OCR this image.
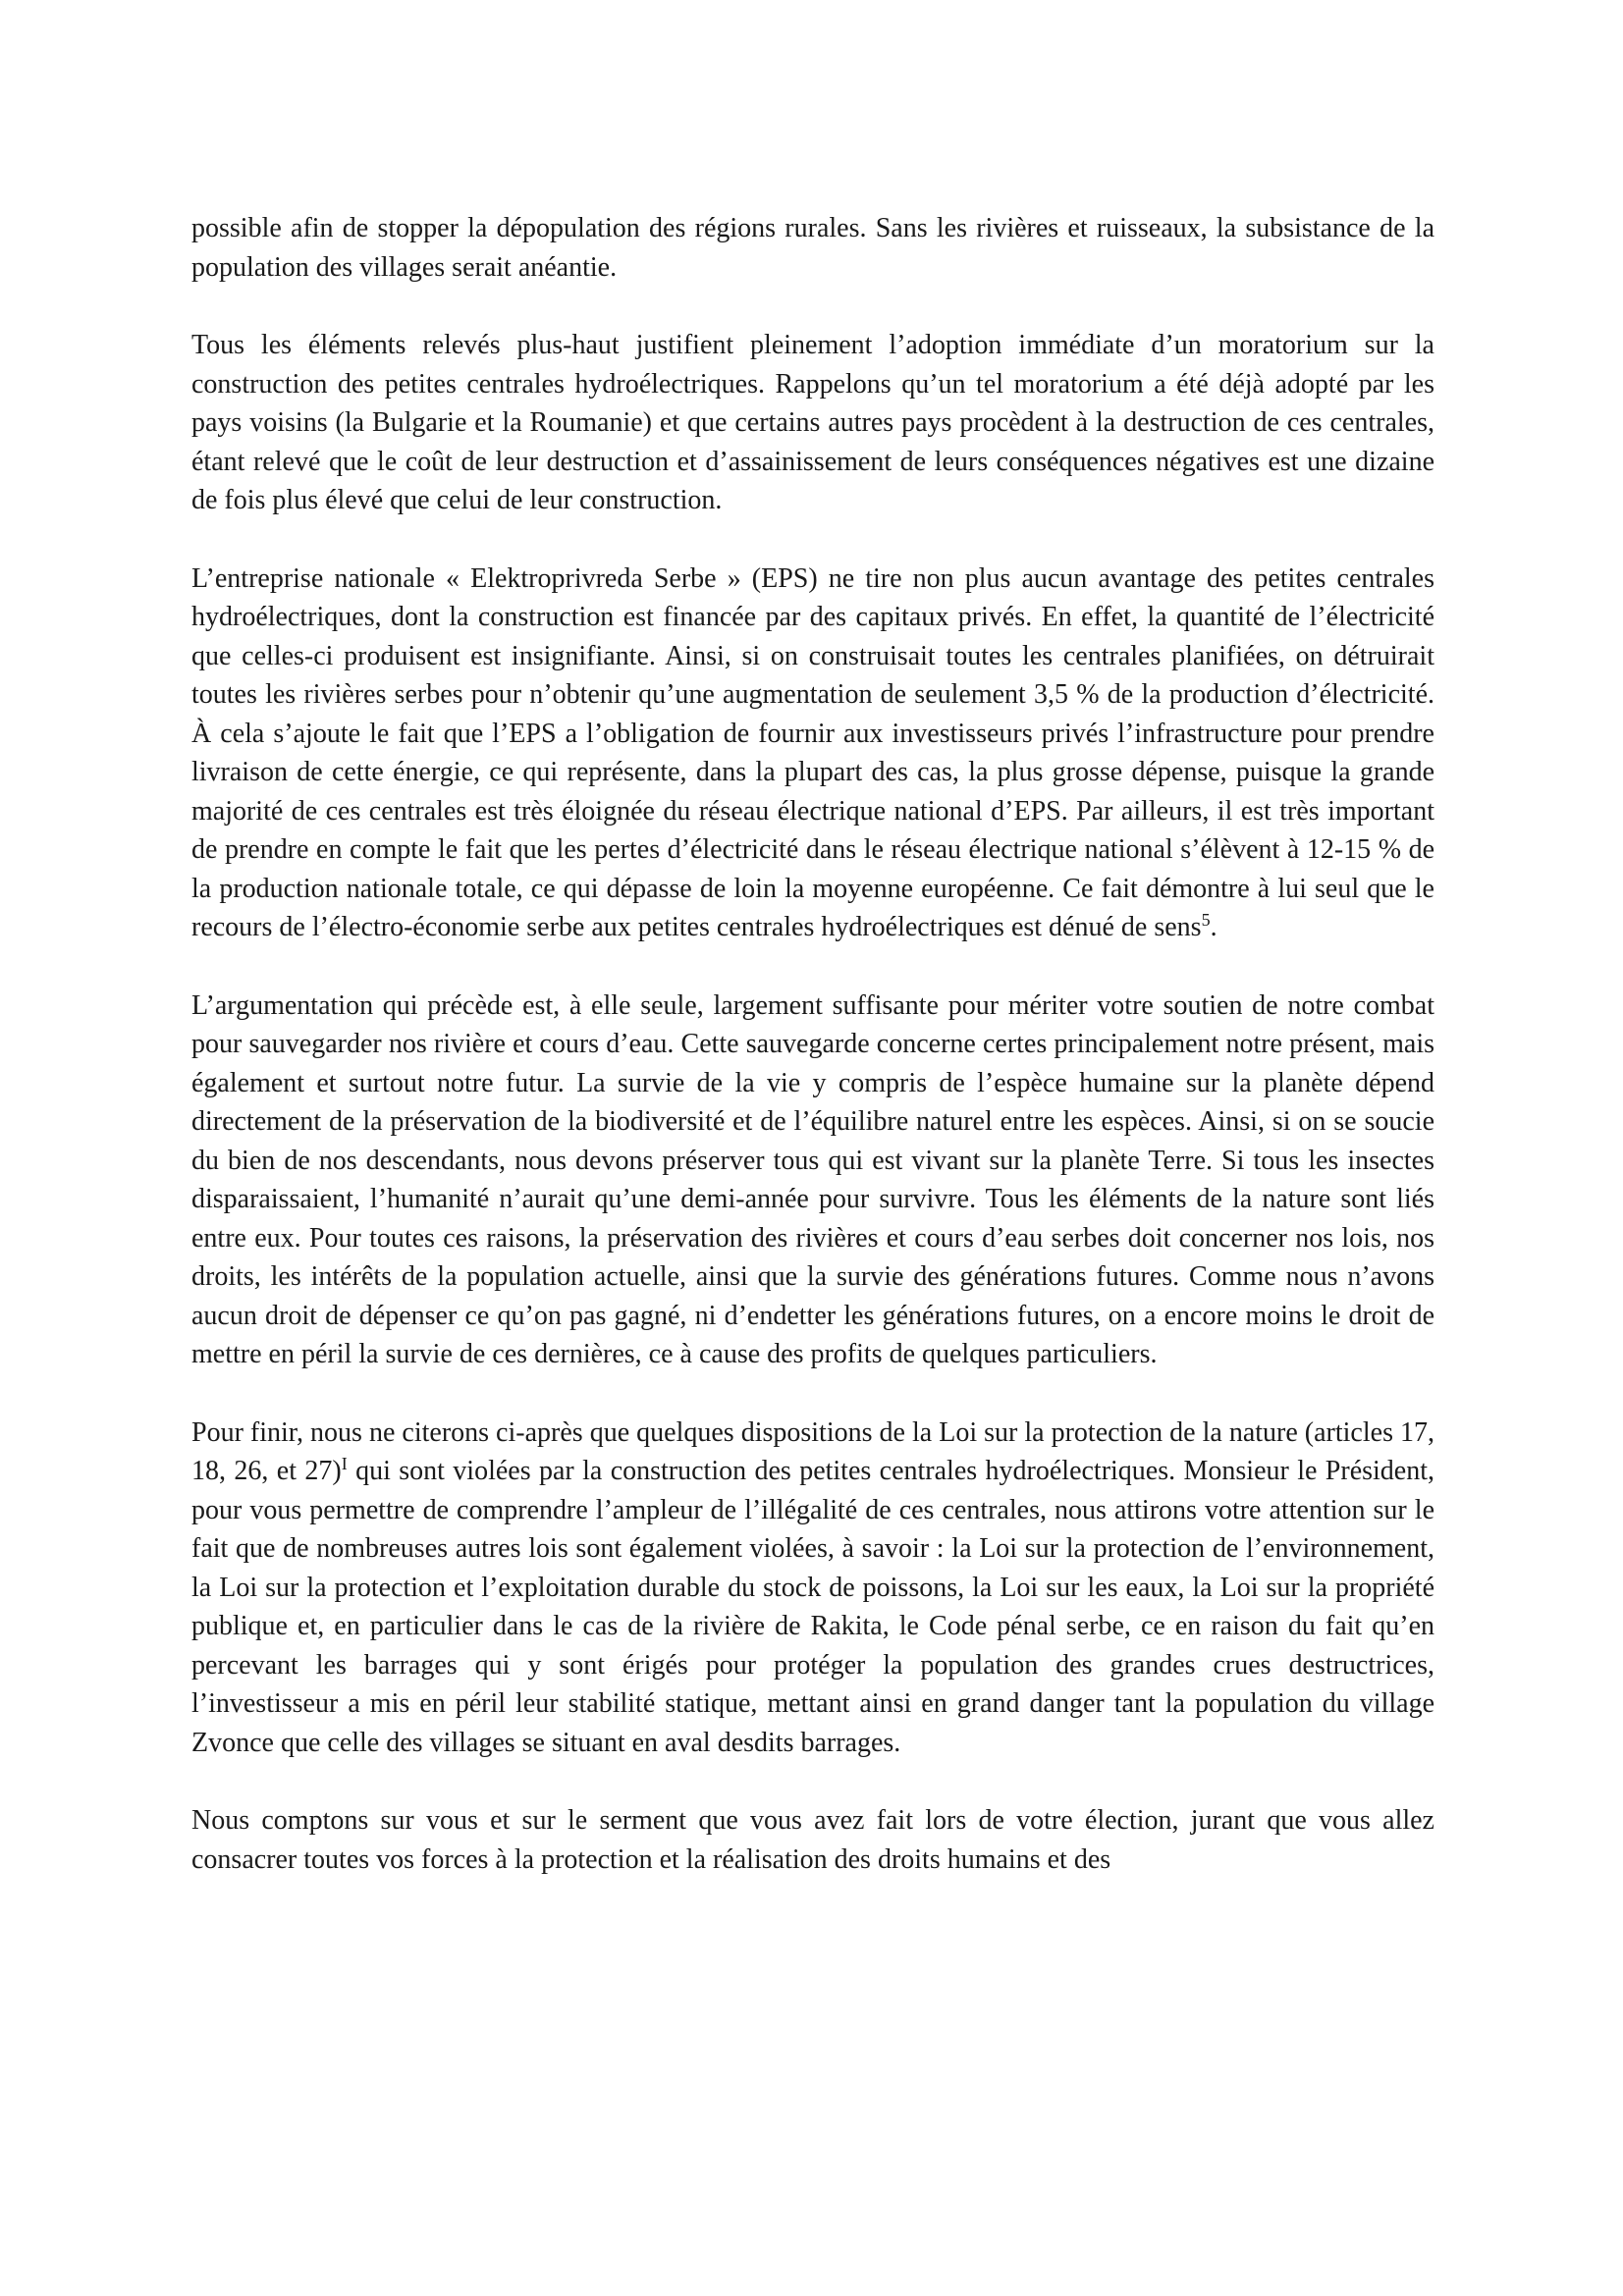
possible afin de stopper la dépopulation des régions rurales. Sans les rivières et ruisseaux, la subsistance de la population des villages serait anéantie.

Tous les éléments relevés plus-haut justifient pleinement l’adoption immédiate d’un moratorium sur la construction des petites centrales hydroélectriques. Rappelons qu’un tel moratorium a été déjà adopté par les pays voisins (la Bulgarie et la Roumanie) et que certains autres pays procèdent à la destruction de ces centrales, étant relevé que le coût de leur destruction et d’assainissement de leurs conséquences négatives est une dizaine de fois plus élevé que celui de leur construction.

L’entreprise nationale « Elektroprivreda Serbe » (EPS) ne tire non plus aucun avantage des petites centrales hydroélectriques, dont la construction est financée par des capitaux privés. En effet, la quantité de l’électricité que celles-ci produisent est insignifiante. Ainsi, si on construisait toutes les centrales planifiées, on détruirait toutes les rivières serbes pour n’obtenir qu’une augmentation de seulement 3,5 % de la production d’électricité. À cela s’ajoute le fait que l’EPS a l’obligation de fournir aux investisseurs privés l’infrastructure pour prendre livraison de cette énergie, ce qui représente, dans la plupart des cas, la plus grosse dépense, puisque la grande majorité de ces centrales est très éloignée du réseau électrique national d’EPS. Par ailleurs, il est très important de prendre en compte le fait que les pertes d’électricité dans le réseau électrique national s’élèvent à 12-15 % de la production nationale totale, ce qui dépasse de loin la moyenne européenne. Ce fait démontre à lui seul que le recours de l’électro-économie serbe aux petites centrales hydroélectriques est dénué de sens$^5$.

L’argumentation qui précède est, à elle seule, largement suffisante pour mériter votre soutien de notre combat pour sauvegarder nos rivière et cours d’eau. Cette sauvegarde concerne certes principalement notre présent, mais également et surtout notre futur. La survie de la vie y compris de l’espèce humaine sur la planète dépend directement de la préservation de la biodiversité et de l’équilibre naturel entre les espèces. Ainsi, si on se soucie du bien de nos descendants, nous devons préserver tous qui est vivant sur la planète Terre. Si tous les insectes disparaissaient, l’humanité n’aurait qu’une demi-année pour survivre. Tous les éléments de la nature sont liés entre eux. Pour toutes ces raisons, la préservation des rivières et cours d’eau serbes doit concerner nos lois, nos droits, les intérêts de la population actuelle, ainsi que la survie des générations futures. Comme nous n’avons aucun droit de dépenser ce qu’on pas gagné, ni d’endetter les générations futures, on a encore moins le droit de mettre en péril la survie de ces dernières, ce à cause des profits de quelques particuliers.

Pour finir, nous ne citerons ci-après que quelques dispositions de la Loi sur la protection de la nature (articles 17, 18, 26, et 27)$^I$ qui sont violées par la construction des petites centrales hydroélectriques. Monsieur le Président, pour vous permettre de comprendre l’ampleur de l’illégalité de ces centrales, nous attirons votre attention sur le fait que de nombreuses autres lois sont également violées, à savoir : la Loi sur la protection de l’environnement, la Loi sur la protection et l’exploitation durable du stock de poissons, la Loi sur les eaux, la Loi sur la propriété publique et, en particulier dans le cas de la rivière de Rakita, le Code pénal serbe, ce en raison du fait qu’en percevant les barrages qui y sont érigés pour protéger la population des grandes crues destructrices, l’investisseur a mis en péril leur stabilité statique, mettant ainsi en grand danger tant la population du village Zvonce que celle des villages se situant en aval desdits barrages.

Nous comptons sur vous et sur le serment que vous avez fait lors de votre élection, jurant que vous allez consacrer toutes vos forces à la protection et la réalisation des droits humains et des
